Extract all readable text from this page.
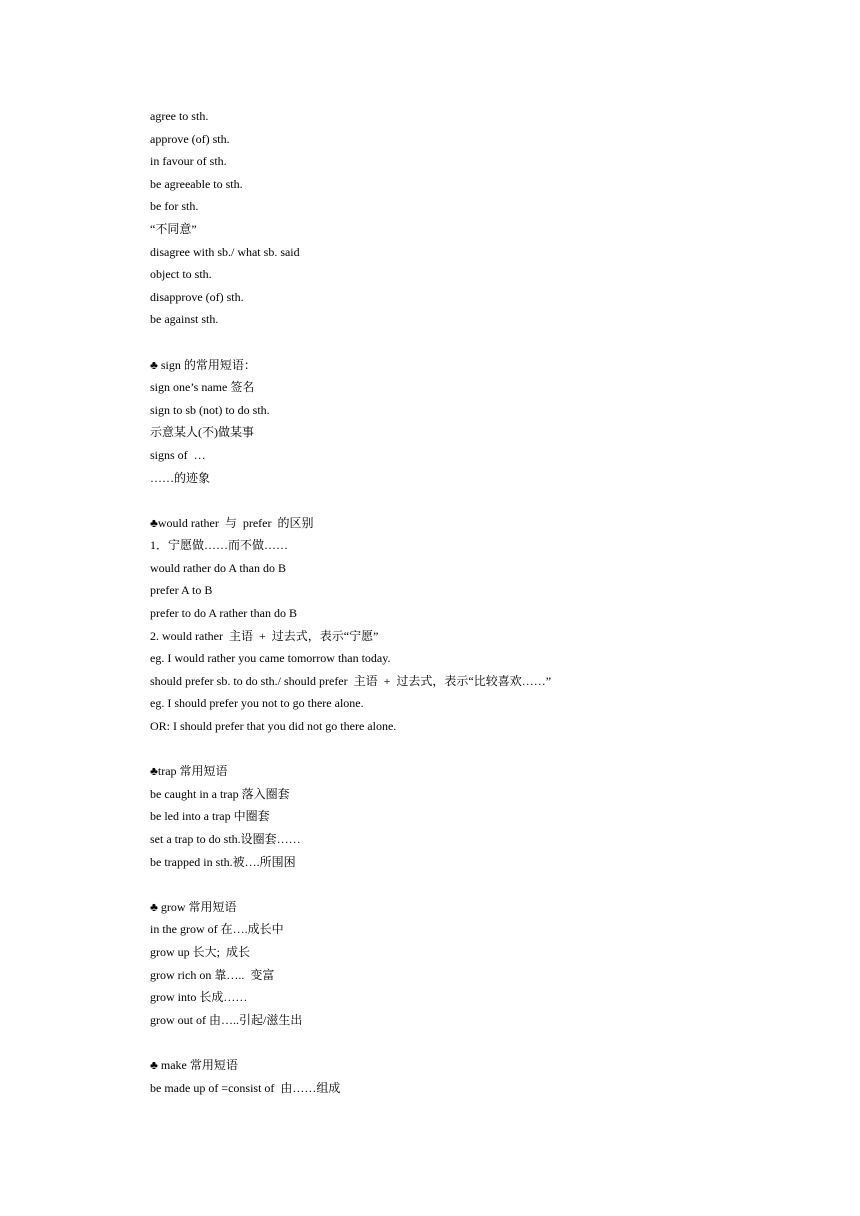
agree to sth.
approve (of) sth.
in favour of sth.
be agreeable to sth.
be for sth.
“不同意”
disagree with sb./ what sb. said
object to sth.
disapprove (of) sth.
be against sth.
♣ sign 的常用短语：
sign one’s name 签名
sign to sb (not) to do sth.
示意某人(不)做某事
signs of  …
……的迹象
♣would rather  与  prefer  的区别
1．宁愿做……而不做……
would rather do A than do B
prefer A to B
prefer to do A rather than do B
2. would rather  主语  +  过去式，表示“宁愿”
eg. I would rather you came tomorrow than today.
should prefer sb. to do sth./ should prefer  主语  +  过去式，表示“比较喜欢……”
eg. I should prefer you not to go there alone.
OR: I should prefer that you did not go there alone.
♣trap 常用短语
be caught in a trap 落入圈套
be led into a trap 中圈套
set a trap to do sth.设圈套……
be trapped in sth.被….所围困
♣ grow 常用短语
in the grow of 在….成长中
grow up 长大;  成长
grow rich on 靠…..  变富
grow into 长成……
grow out of 由…..引起/滋生出
♣ make 常用短语
be made up of =consist of  由……组成
